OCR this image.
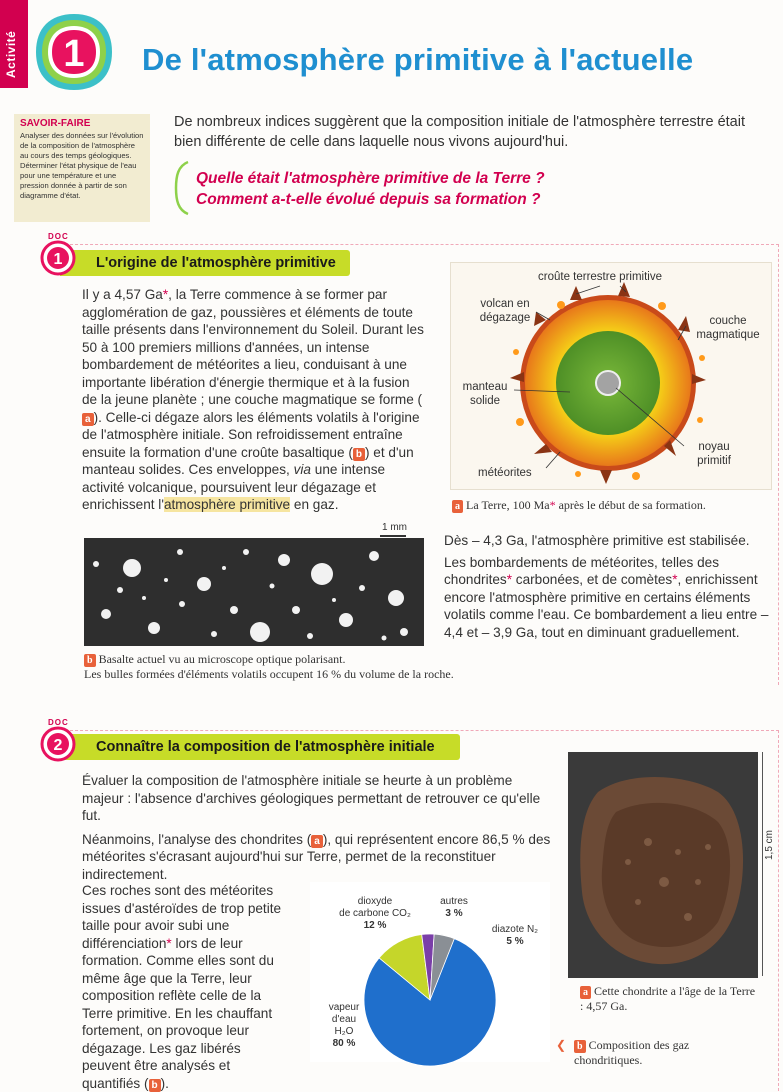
Activité 1 De l'atmosphère primitive à l'actuelle
SAVOIR-FAIRE
Analyser des données sur l'évolution de la composition de l'atmosphère au cours des temps géologiques. Déterminer l'état physique de l'eau pour une température et une pression donnée à partir de son diagramme d'état.
De nombreux indices suggèrent que la composition initiale de l'atmosphère terrestre était bien différente de celle dans laquelle nous vivons aujourd'hui.
Quelle était l'atmosphère primitive de la Terre ?
Comment a-t-elle évolué depuis sa formation ?
DOC
L'origine de l'atmosphère primitive
1
Il y a 4,57 Ga*, la Terre commence à se former par agglomération de gaz, poussières et éléments de toute taille présents dans l'environnement du Soleil. Durant les 50 à 100 premiers millions d'années, un intense bombardement de météorites a lieu, conduisant à une importante libération d'énergie thermique et à la fusion de la jeune planète ; une couche magmatique se forme (a ). Celle-ci dégaze alors les éléments volatils à l'origine de l'atmosphère initiale. Son refroidissement entraîne ensuite la formation d'une croûte basaltique ( b ) et d'un manteau solides. Ces enveloppes, via une intense activité volcanique, poursuivent leur dégazage et enrichissent l'atmosphère primitive en gaz.
croûte terrestre primitive
volcan en dégazage	couche magmatique
manteau solide
noyau primitif
météorites
a La Terre, 100 Ma* après le début de sa formation.
1 mm
b Basalte actuel vu au microscope optique polarisant.
Les bulles formées d'éléments volatils occupent 16 % du volume de la roche.
Dès – 4,3 Ga, l'atmosphère primitive est stabilisée.
Les bombardements de météorites, telles des chondrites* carbonées, et de comètes*, enrichissent encore l'atmosphère primitive en certains éléments volatils comme l'eau. Ce bombardement a lieu entre – 4,4 et – 3,9 Ga, tout en diminuant graduellement.
DOC
Connaître la composition de l'atmosphère initiale
2
Évaluer la composition de l'atmosphère initiale se heurte à un problème majeur : l'absence d'archives géologiques permettant de retrouver ce qu'elle fut.
Néanmoins, l'analyse des chondrites ( a ), qui représentent encore 86,5 % des météorites s'écrasant aujourd'hui sur Terre, permet de la reconstituer indirectement.
Ces roches sont des météorites issues d'astéroïdes de trop petite taille pour avoir subi une différenciation* lors de leur formation. Comme elles sont du même âge que la Terre, leur composition reflète celle de la Terre primitive. En les chauffant fortement, on provoque leur dégazage. Les gaz libérés peuvent être analysés et quantifiés ( b ).
dioxyde
de carbone CO₂
12 %
autres
3 %
diazote N₂
5 %
vapeur
d'eau
H₂O
80 %
1,5 cm
a Cette chondrite a l'âge de la Terre : 4,57 Ga.
❮	b Composition des gaz chondritiques.
